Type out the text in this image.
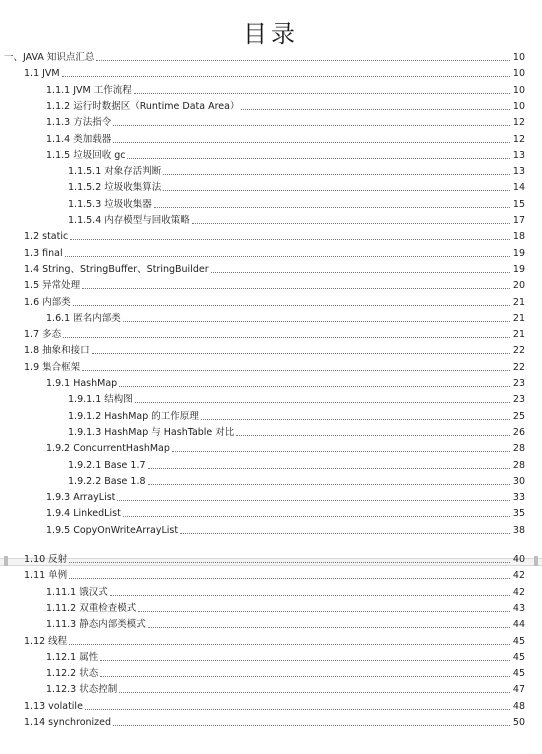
目录
一、JAVA 知识点汇总	10
1.1 JVM	10
1.1.1 JVM 工作流程	10
1.1.2 运行时数据区（Runtime Data Area）	10
1.1.3 方法指令	12
1.1.4 类加载器	12
1.1.5 垃圾回收 gc	13
1.1.5.1 对象存活判断	13
1.1.5.2 垃圾收集算法	14
1.1.5.3 垃圾收集器	15
1.1.5.4 内存模型与回收策略	17
1.2 static	18
1.3 final	19
1.4 String、StringBuffer、StringBuilder	19
1.5 异常处理	20
1.6 内部类	21
1.6.1 匿名内部类	21
1.7 多态	21
1.8 抽象和接口	22
1.9 集合框架	22
1.9.1 HashMap	23
1.9.1.1 结构图	23
1.9.1.2 HashMap 的工作原理	25
1.9.1.3 HashMap 与 HashTable 对比	26
1.9.2 ConcurrentHashMap	28
1.9.2.1 Base 1.7	28
1.9.2.2 Base 1.8	30
1.9.3 ArrayList	33
1.9.4 LinkedList	35
1.9.5 CopyOnWriteArrayList	38
1.10 反射	40
1.11 单例	42
1.11.1 饿汉式	42
1.11.2 双重检查模式	43
1.11.3 静态内部类模式	44
1.12 线程	45
1.12.1 属性	45
1.12.2 状态	45
1.12.3 状态控制	47
1.13 volatile	48
1.14 synchronized	50
